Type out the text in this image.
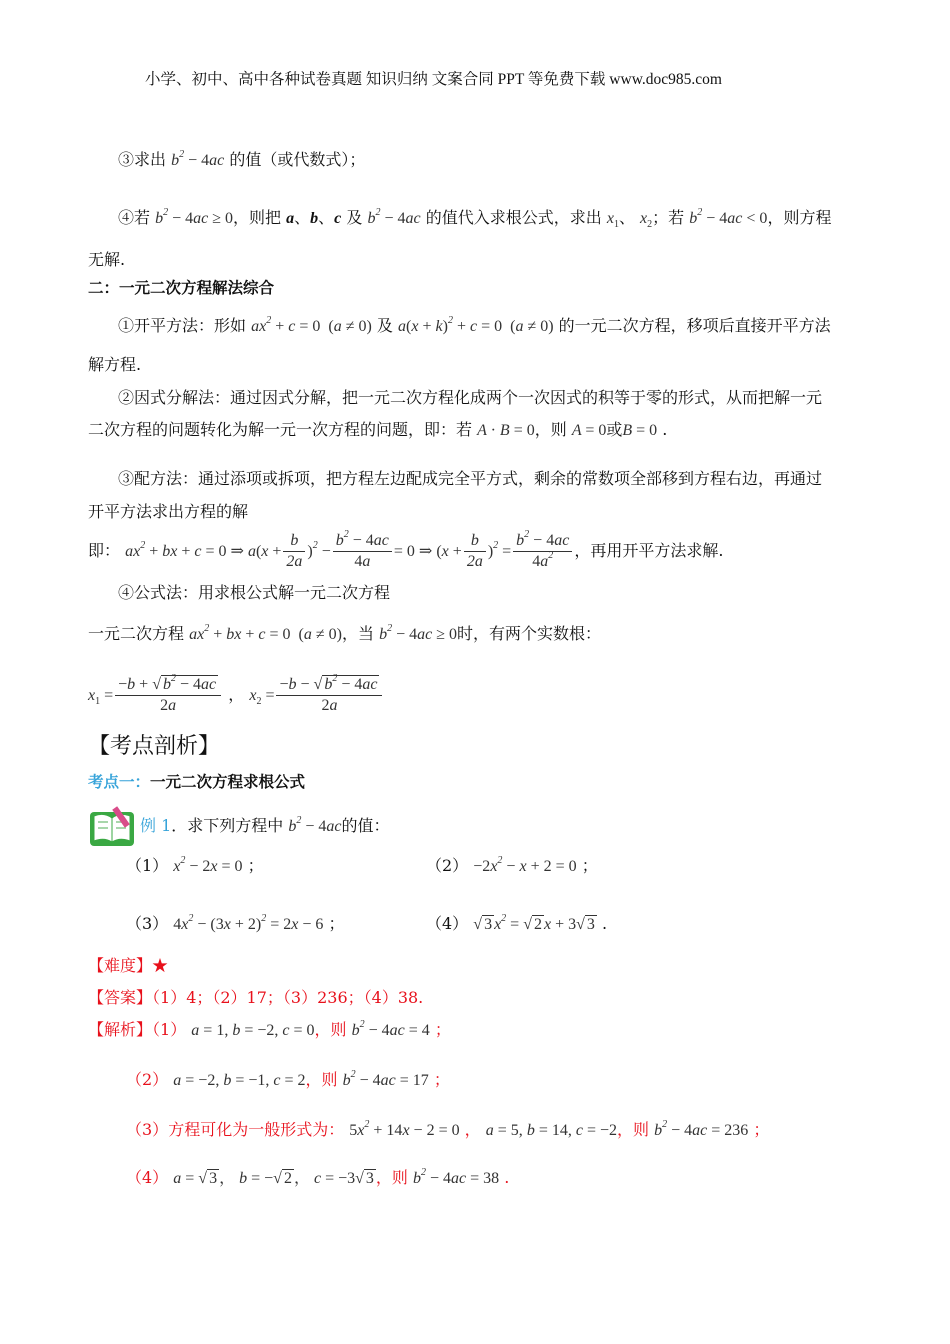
小学、初中、高中各种试卷真题 知识归纳 文案合同 PPT 等免费下载 www.doc985.com
③求出 $b^2 - 4ac$ 的值（或代数式）；
④若 $b^2 - 4ac \ge 0$，则把 a、b、c 及 $b^2 - 4ac$ 的值代入求根公式，求出 $x_1$、 $x_2$；若 $b^2 - 4ac < 0$，则方程
无解.
二：一元二次方程解法综合
①开平方法：形如 $ax^2 + c = 0$ (a ≠ 0) 及 $a(x + k)^2 + c = 0$ (a ≠ 0) 的一元二次方程，移项后直接开平方法
解方程.
②因式分解法：通过因式分解，把一元二次方程化成两个一次因式的积等于零的形式，从而把解一元
二次方程的问题转化为解一元一次方程的问题，即：若 A · B = 0，则 A = 0或B = 0 .
③配方法：通过添项或拆项，把方程左边配成完全平方式，剩余的常数项全部移到方程右边，再通过
开平方法求出方程的解
即： $ax^2$ + bx + c = 0 ⇒ $a(x + \frac{b}{2a} )^2 - \frac{b^2 - 4ac}{4a} = 0$ ⇒ $(x + \frac{b}{2a} )^2 = \frac{b^2 - 4ac}{4a^2}$ ，再用开平方法求解.
④公式法：用求根公式解一元二次方程
一元二次方程 $ax^2$ + bx + c = 0 (a ≠ 0)，当 $b^2 - 4ac \ge 0$时，有两个实数根：
$x_1 = \frac{-b + √ b^2 - 4ac}{2a}$ ， $x_2 = \frac{-b - √ b^2 - 4ac}{2a}$
【考点剖析】
考点一：一元二次方程求根公式
例 1．求下列方程中 $b^2 - 4ac$的值：
（1） $x^2 - 2x = 0$ ；	$(2) -2x^2 - x + 2 = 0$ ；
（3） $4x^2 - (3x + 2)^2 = 2x - 6$ ；	（4） √ 3 $x^2$ = √ 2 x + 3√ 3 .
【难度】★
【答案】（1）4；（2）17；（3）236；（4）38.
【解析】（1） a = 1, b = −2, c = 0，则 $b^2 - 4ac = 4$ ；
（2） a = −2, b = −1, c = 2，则 $b^2 - 4ac = 17$ ；
（3）方程可化为一般形式为： $5x^2 + 14x - 2 = 0$ ， a = 5, b = 14, c = −2，则 $b^2 - 4ac = 236$ ；
（4） a = √ 3 ， b = −√ 2 ， c = −3√ 3 ，则 $b^2 - 4ac = 38$ .
